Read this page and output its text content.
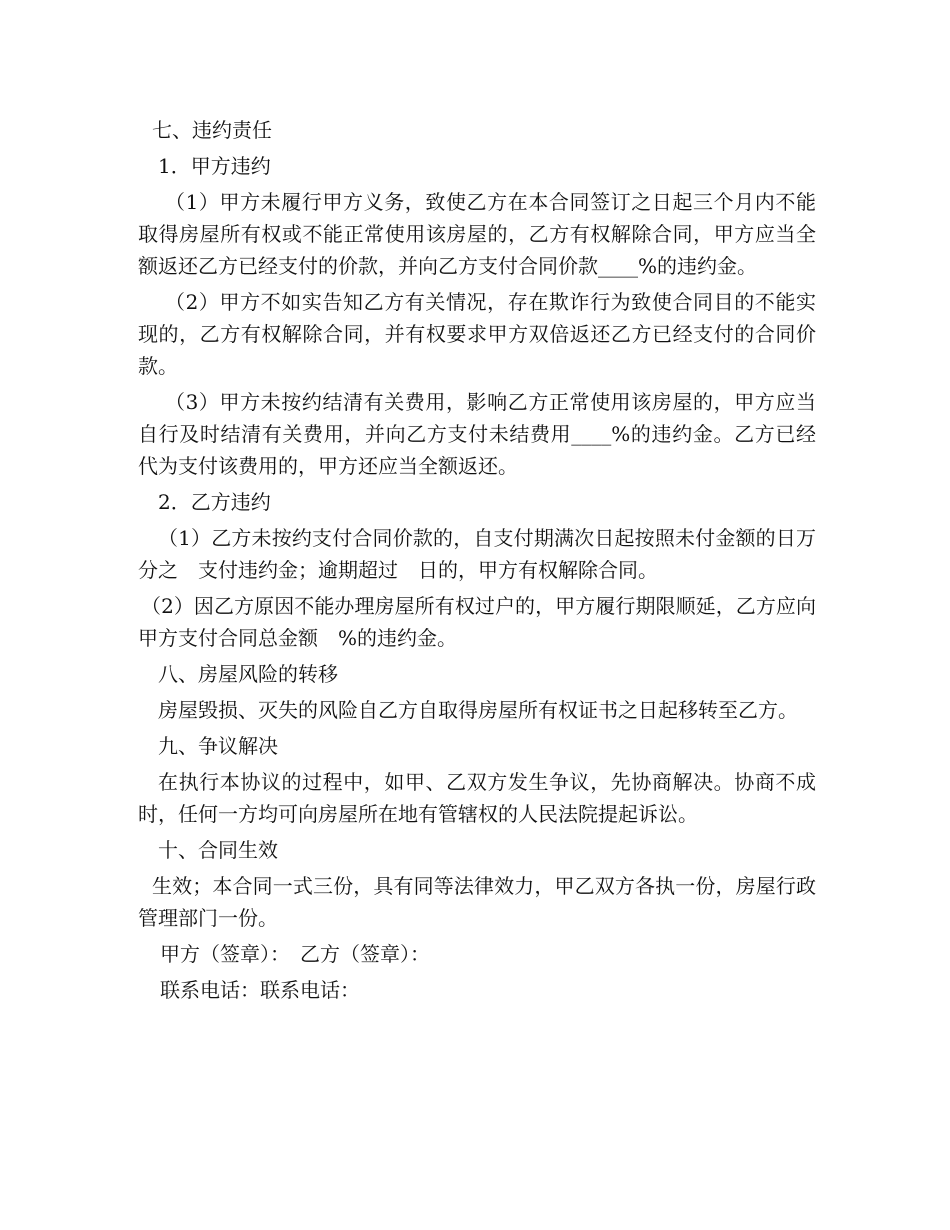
七、违约责任

1．甲方违约

（1）甲方未履行甲方义务，致使乙方在本合同签订之日起三个月内不能取得房屋所有权或不能正常使用该房屋的，乙方有权解除合同，甲方应当全额返还乙方已经支付的价款，并向乙方支付合同价款____%的违约金。

（2）甲方不如实告知乙方有关情况，存在欺诈行为致使合同目的不能实现的，乙方有权解除合同，并有权要求甲方双倍返还乙方已经支付的合同价款。

（3）甲方未按约结清有关费用，影响乙方正常使用该房屋的，甲方应当自行及时结清有关费用，并向乙方支付未结费用____%的违约金。乙方已经代为支付该费用的，甲方还应当全额返还。

2．乙方违约

（1）乙方未按约支付合同价款的，自支付期满次日起按照未付金额的日万分之　支付违约金；逾期超过　日的，甲方有权解除合同。

（2）因乙方原因不能办理房屋所有权过户的，甲方履行期限顺延，乙方应向甲方支付合同总金额　%的违约金。

八、房屋风险的转移

房屋毁损、灭失的风险自乙方自取得房屋所有权证书之日起移转至乙方。

九、争议解决

在执行本协议的过程中，如甲、乙双方发生争议，先协商解决。协商不成时，任何一方均可向房屋所在地有管辖权的人民法院提起诉讼。

十、合同生效

生效；本合同一式三份，具有同等法律效力，甲乙双方各执一份，房屋行政管理部门一份。

甲方（签章）：　乙方（签章）：

联系电话：联系电话：
